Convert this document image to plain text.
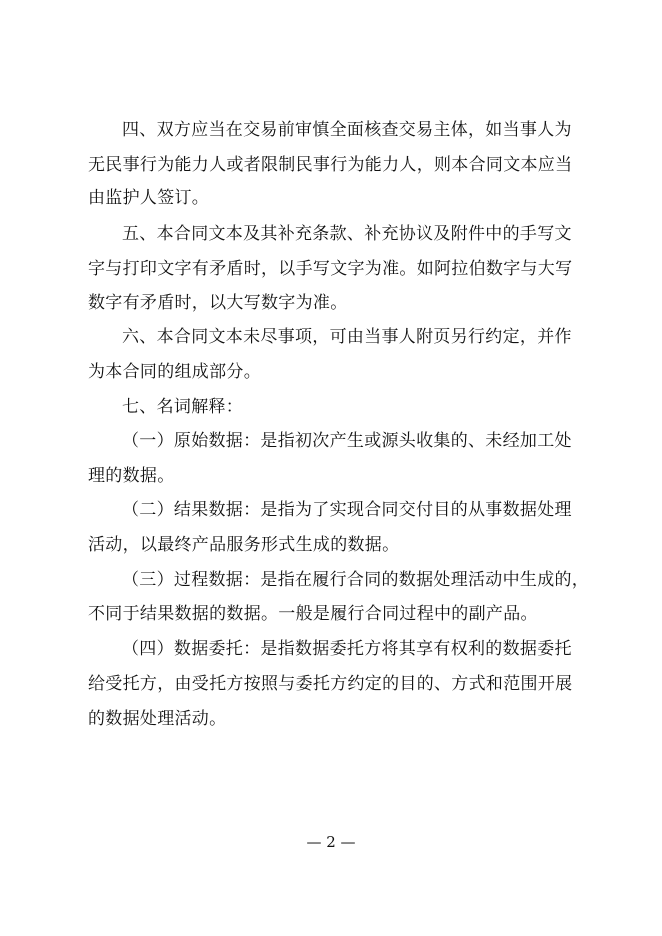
四、双方应当在交易前审慎全面核查交易主体，如当事人为
无民事行为能力人或者限制民事行为能力人，则本合同文本应当
由监护人签订。
五、本合同文本及其补充条款、补充协议及附件中的手写文
字与打印文字有矛盾时，以手写文字为准。如阿拉伯数字与大写
数字有矛盾时，以大写数字为准。
六、本合同文本未尽事项，可由当事人附页另行约定，并作
为本合同的组成部分。
七、名词解释：
（一）原始数据：是指初次产生或源头收集的、未经加工处
理的数据。
（二）结果数据：是指为了实现合同交付目的从事数据处理
活动，以最终产品服务形式生成的数据。
（三）过程数据：是指在履行合同的数据处理活动中生成的，
不同于结果数据的数据。一般是履行合同过程中的副产品。
（四）数据委托：是指数据委托方将其享有权利的数据委托
给受托方，由受托方按照与委托方约定的目的、方式和范围开展
的数据处理活动。
— 2 —
